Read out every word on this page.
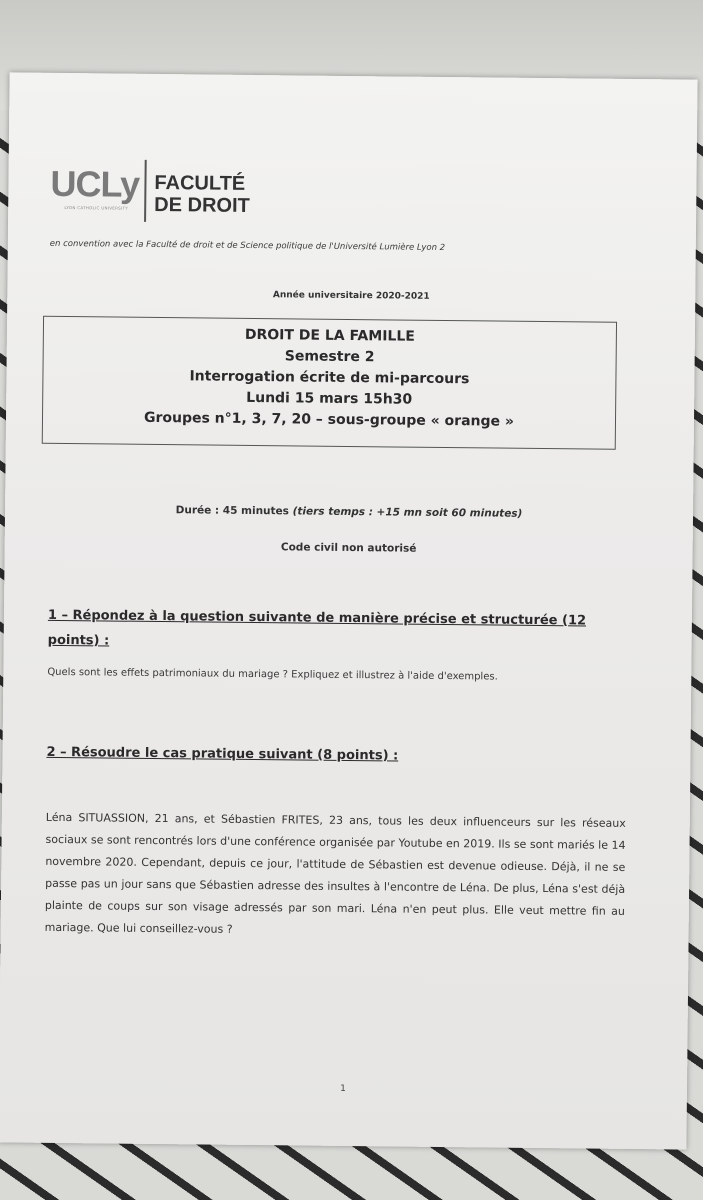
UCLy
LYON CATHOLIC UNIVERSITY
FACULTÉ
DE DROIT
en convention avec la Faculté de droit et de Science politique de l'Université Lumière Lyon 2
Année universitaire 2020-2021
DROIT DE LA FAMILLE
Semestre 2
Interrogation écrite de mi-parcours
Lundi 15 mars 15h30
Groupes n°1, 3, 7, 20 – sous-groupe « orange »
Durée : 45 minutes (tiers temps : +15 mn soit 60 minutes)
Code civil non autorisé
1 – Répondez à la question suivante de manière précise et structurée (12 points) :
Quels sont les effets patrimoniaux du mariage ? Expliquez et illustrez à l'aide d'exemples.
2 – Résoudre le cas pratique suivant (8 points) :
Léna SITUASSION, 21 ans, et Sébastien FRITES, 23 ans, tous les deux influenceurs sur les réseaux sociaux se sont rencontrés lors d'une conférence organisée par Youtube en 2019. Ils se sont mariés le 14 novembre 2020. Cependant, depuis ce jour, l'attitude de Sébastien est devenue odieuse. Déjà, il ne se passe pas un jour sans que Sébastien adresse des insultes à l'encontre de Léna. De plus, Léna s'est déjà plainte de coups sur son visage adressés par son mari. Léna n'en peut plus. Elle veut mettre fin au mariage. Que lui conseillez-vous ?
1
